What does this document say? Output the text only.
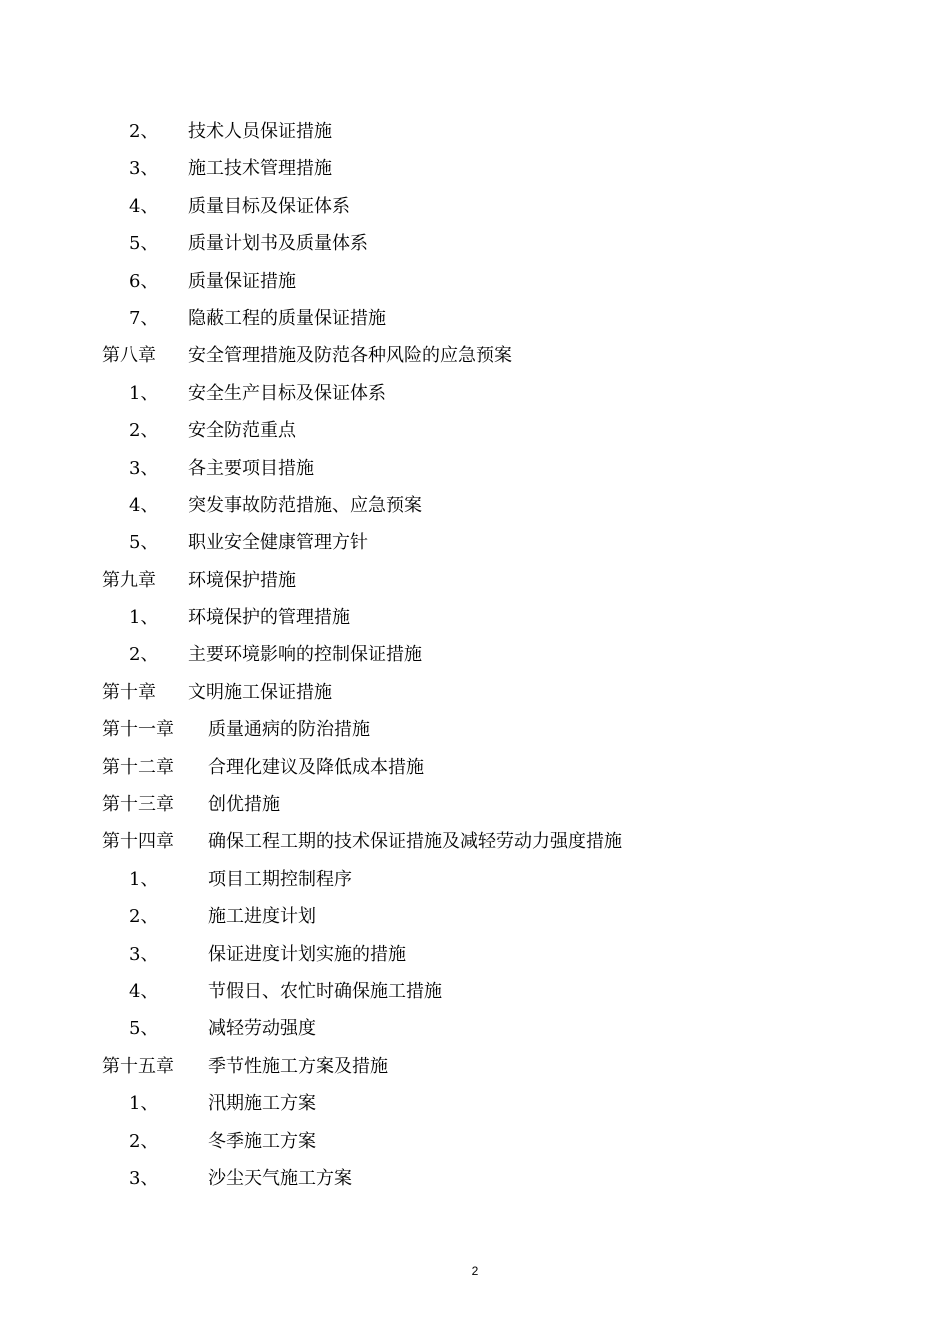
2、 技术人员保证措施
3、 施工技术管理措施
4、 质量目标及保证体系
5、 质量计划书及质量体系
6、 质量保证措施
7、 隐蔽工程的质量保证措施
第八章 安全管理措施及防范各种风险的应急预案
1、 安全生产目标及保证体系
2、 安全防范重点
3、 各主要项目措施
4、 突发事故防范措施、应急预案
5、 职业安全健康管理方针
第九章 环境保护措施
1、 环境保护的管理措施
2、 主要环境影响的控制保证措施
第十章 文明施工保证措施
第十一章 质量通病的防治措施
第十二章 合理化建议及降低成本措施
第十三章 创优措施
第十四章 确保工程工期的技术保证措施及减轻劳动力强度措施
1、	项目工期控制程序
2、	施工进度计划
3、	保证进度计划实施的措施
4、	节假日、农忙时确保施工措施
5、	减轻劳动强度
第十五章 季节性施工方案及措施
1、	汛期施工方案
2、	冬季施工方案
3、	沙尘天气施工方案
2
